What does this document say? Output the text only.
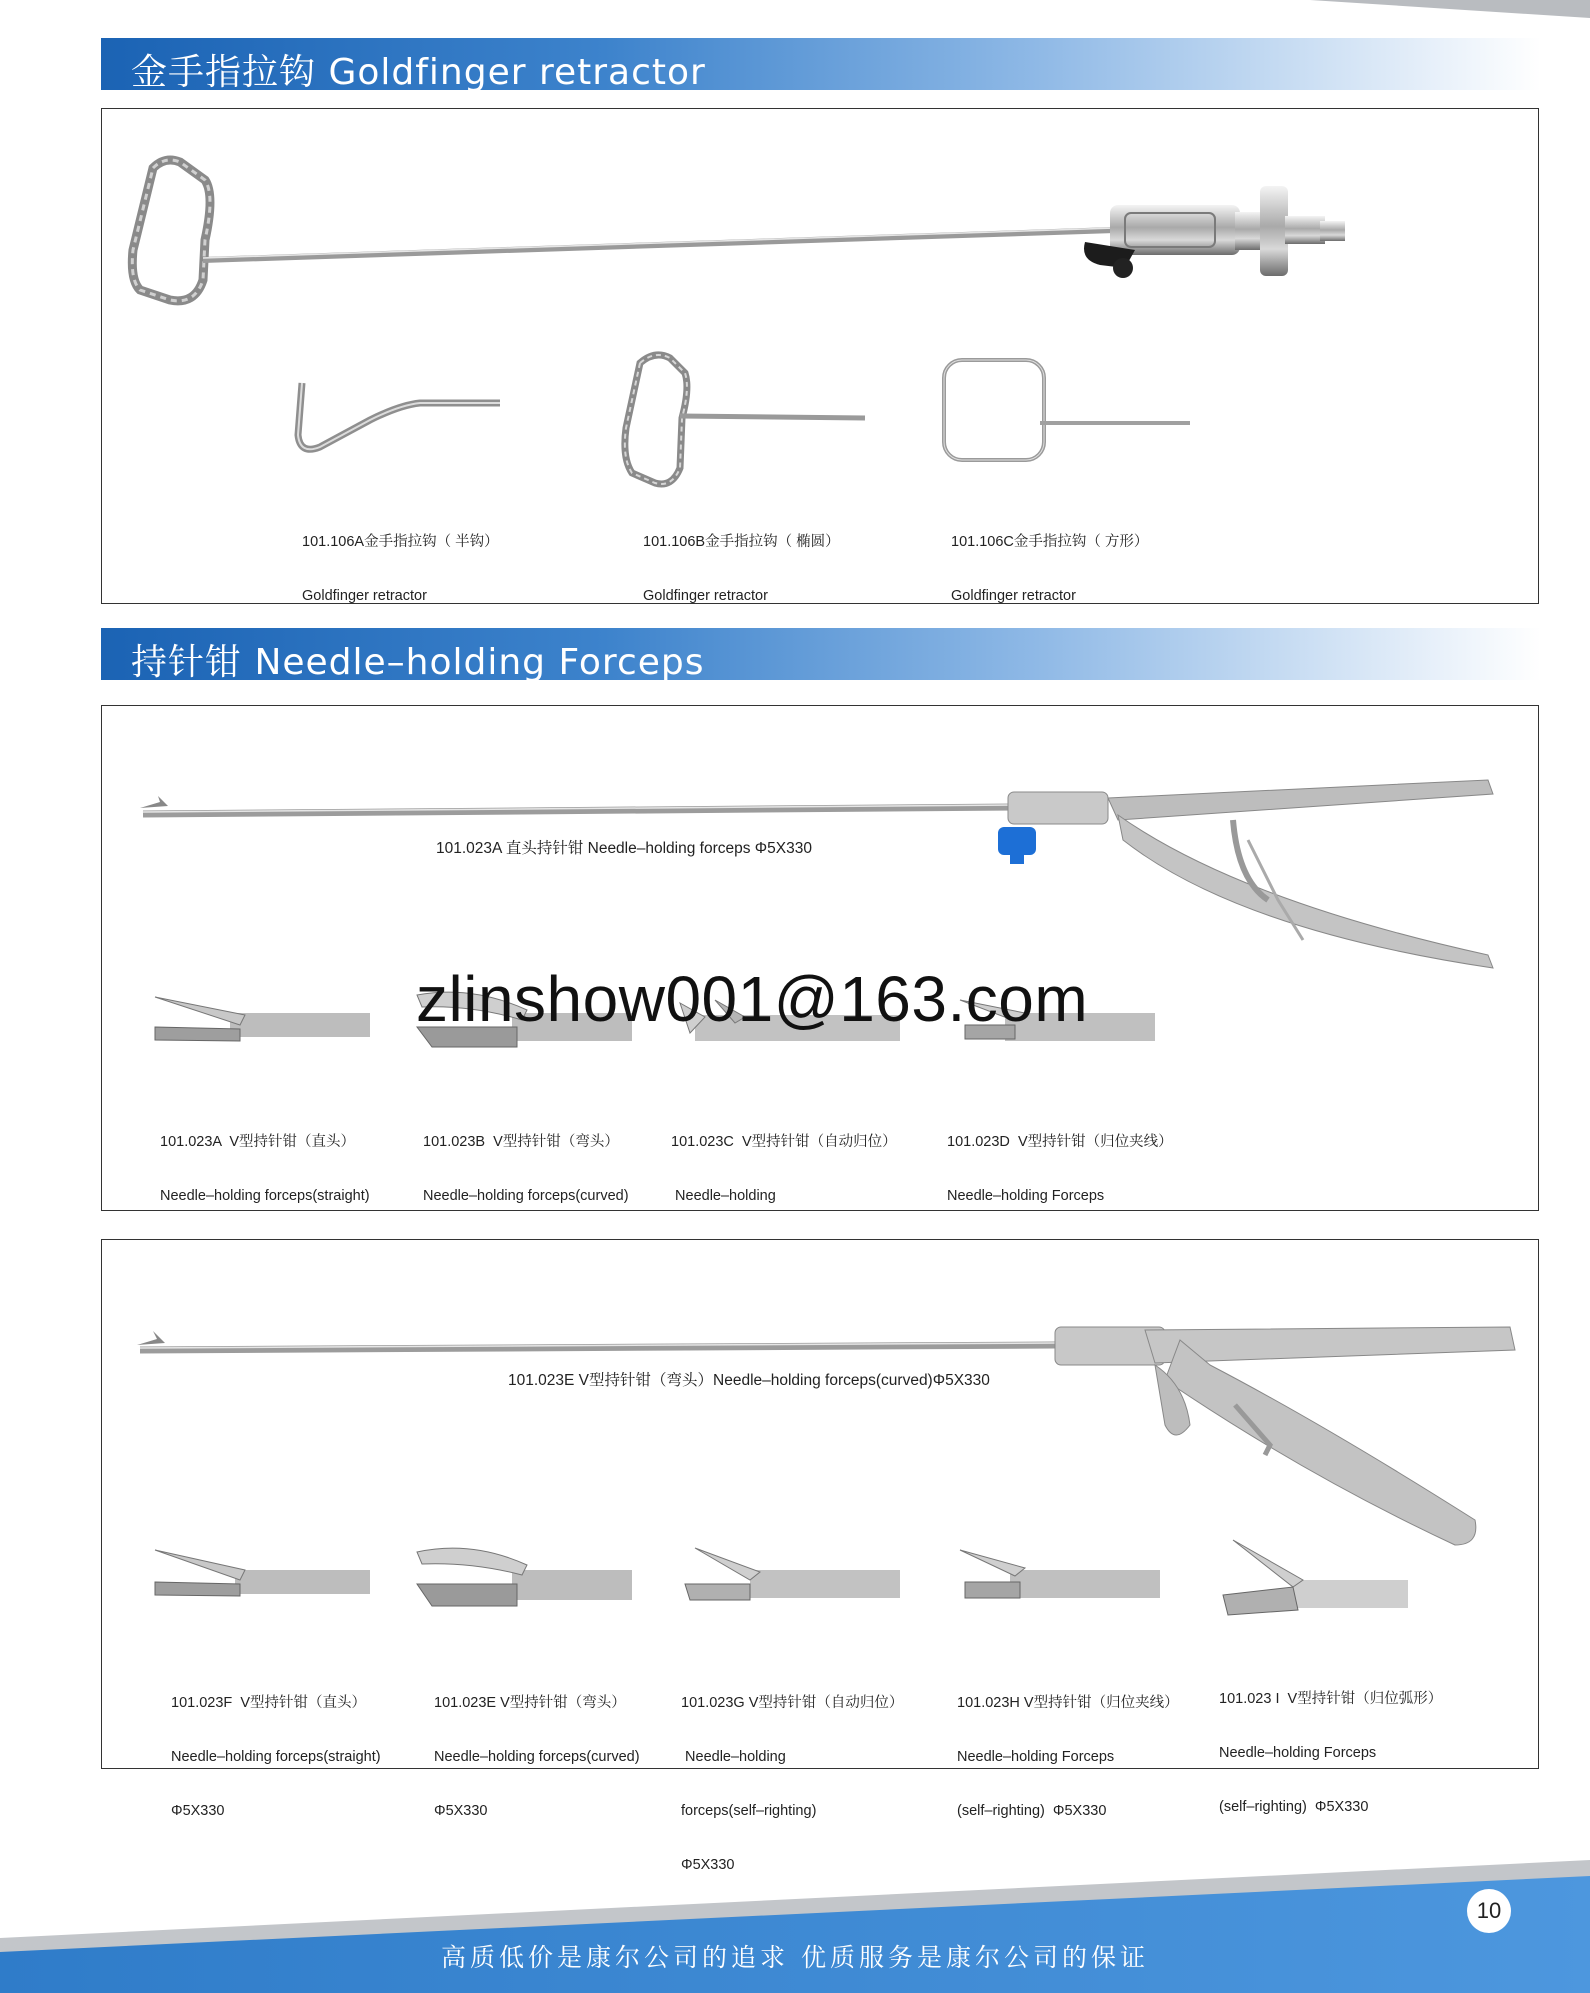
金手指拉钩 Goldfinger retractor

101.106A金手指拉钩（ 半钩）

Goldfinger retractor

101.106B金手指拉钩（ 椭圆）

Goldfinger retractor

101.106C金手指拉钩（ 方形）

Goldfinger retractor

持针钳 Needle–holding Forceps
101.023A 直头持针钳 Needle–holding forceps Φ5X330
zlinshow001@163.com

101.023A  V型持针钳（直头）

Needle–holding forceps(straight)

101.023B  V型持针钳（弯头）

Needle–holding forceps(curved)

101.023C  V型持针钳（自动归位）

Needle–holding

101.023D  V型持针钳（归位夹线）

Needle–holding Forceps

101.023E V型持针钳（弯头）Needle–holding forceps(curved)Φ5X330

101.023F  V型持针钳（直头）

Needle–holding forceps(straight)

Φ5X330

101.023E V型持针钳（弯头）

Needle–holding forceps(curved)

Φ5X330

101.023G V型持针钳（自动归位）

Needle–holding

forceps(self–righting)

Φ5X330

101.023H V型持针钳（归位夹线）

Needle–holding Forceps

(self–righting)  Φ5X330

101.023 I  V型持针钳（归位弧形）

Needle–holding Forceps

(self–righting)  Φ5X330

10
高质低价是康尔公司的追求 优质服务是康尔公司的保证
